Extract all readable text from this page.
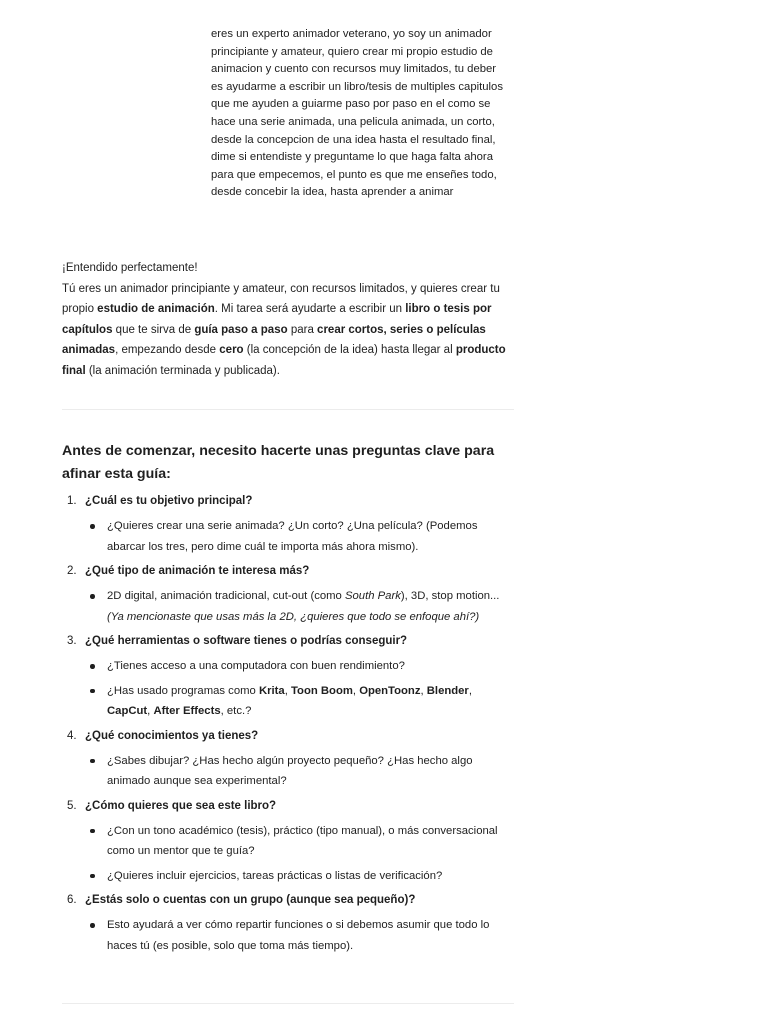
eres un experto animador veterano, yo soy un animador principiante y amateur, quiero crear mi propio estudio de animacion y cuento con recursos muy limitados, tu deber es ayudarme a escribir un libro/tesis de multiples capitulos que me ayuden a guiarme paso por paso en el como se hace una serie animada, una pelicula animada, un corto, desde la concepcion de una idea hasta el resultado final, dime si entendiste y preguntame lo que haga falta ahora para que empecemos, el punto es que me enseñes todo, desde concebir la idea, hasta aprender a animar

¡Entendido perfectamente!

Tú eres un animador principiante y amateur, con recursos limitados, y quieres crear tu propio estudio de animación. Mi tarea será ayudarte a escribir un libro o tesis por capítulos que te sirva de guía paso a paso para crear cortos, series o películas animadas, empezando desde cero (la concepción de la idea) hasta llegar al producto final (la animación terminada y publicada).

Antes de comenzar, necesito hacerte unas preguntas clave para afinar esta guía:
1. ¿Cuál es tu objetivo principal?
¿Quieres crear una serie animada? ¿Un corto? ¿Una película? (Podemos abarcar los tres, pero dime cuál te importa más ahora mismo).
2. ¿Qué tipo de animación te interesa más?
2D digital, animación tradicional, cut-out (como South Park), 3D, stop motion...
(Ya mencionaste que usas más la 2D, ¿quieres que todo se enfoque ahí?)
3. ¿Qué herramientas o software tienes o podrías conseguir?
¿Tienes acceso a una computadora con buen rendimiento?
¿Has usado programas como Krita, Toon Boom, OpenToonz, Blender, CapCut, After Effects, etc.?
4. ¿Qué conocimientos ya tienes?
¿Sabes dibujar? ¿Has hecho algún proyecto pequeño? ¿Has hecho algo animado aunque sea experimental?
5. ¿Cómo quieres que sea este libro?
¿Con un tono académico (tesis), práctico (tipo manual), o más conversacional como un mentor que te guía?
¿Quieres incluir ejercicios, tareas prácticas o listas de verificación?
6. ¿Estás solo o cuentas con un grupo (aunque sea pequeño)?
Esto ayudará a ver cómo repartir funciones o si debemos asumir que todo lo haces tú (es posible, solo que toma más tiempo).
